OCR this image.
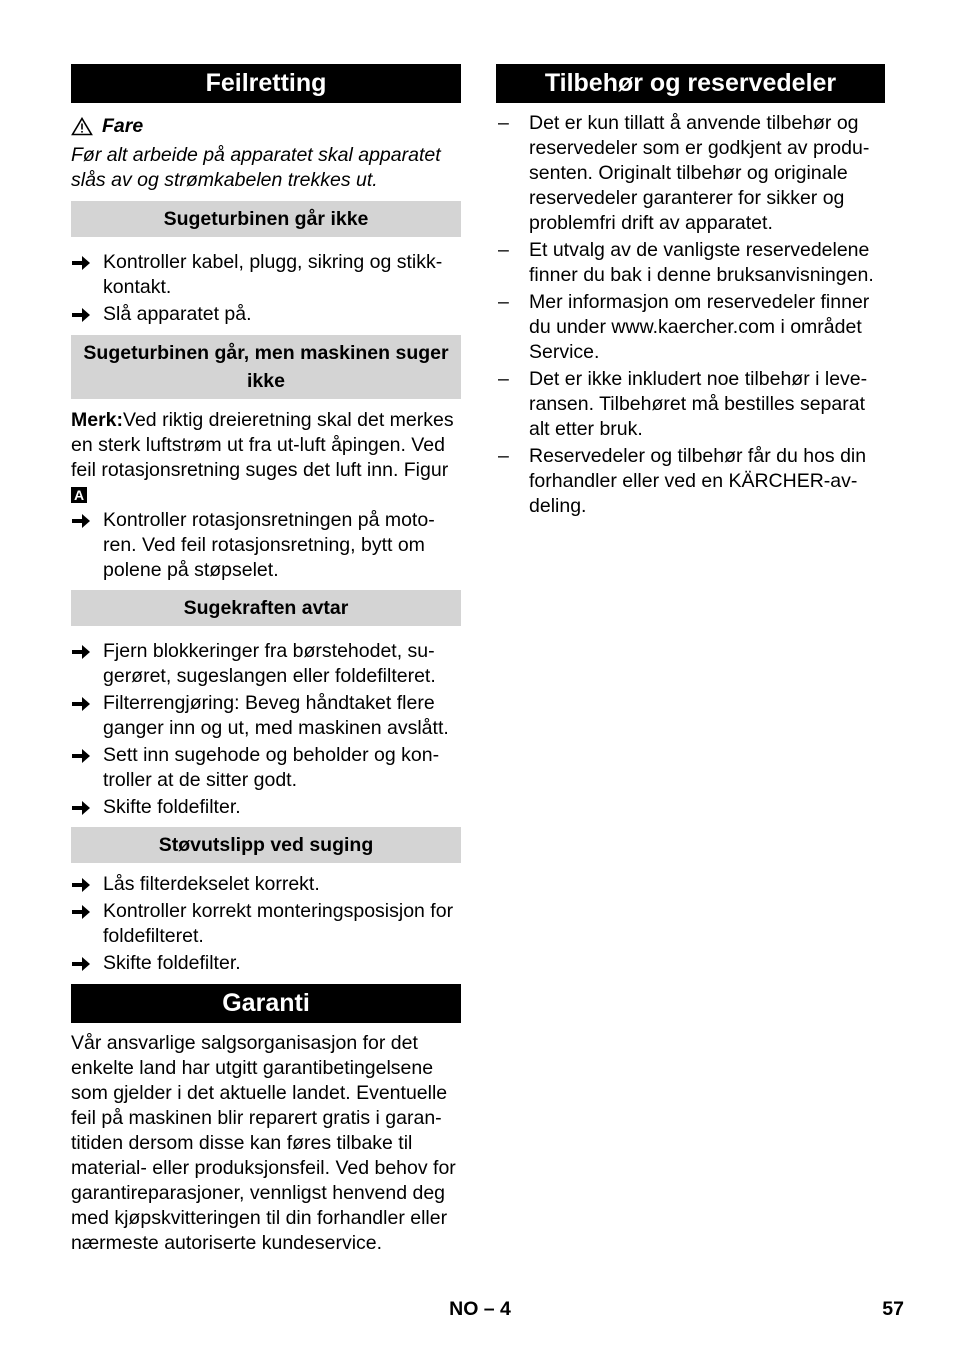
Feilretting
Fare

Før alt arbeide på apparatet skal apparatet slås av og strømkabelen trekkes ut.

Sugeturbinen går ikke
Kontroller kabel, plugg, sikring og stikkkontakt.
Slå apparatet på.
Sugeturbinen går, men maskinen suger ikke

Merk:Ved riktig dreieretning skal det merkes en sterk luftstrøm ut fra ut-luft åpingen. Ved feil rotasjonsretning suges det luft inn. Figur A

Kontroller rotasjonsretningen på motoren. Ved feil rotasjonsretning, bytt om polene på støpselet.
Sugekraften avtar
Fjern blokkeringer fra børstehodet, sugerøret, sugeslangen eller foldefilteret.
Filterrengjøring: Beveg håndtaket flere ganger inn og ut, med maskinen avslått.
Sett inn sugehode og beholder og kontroller at de sitter godt.
Skifte foldefilter.
Støvutslipp ved suging
Lås filterdekselet korrekt.
Kontroller korrekt monteringsposisjon for foldefilteret.
Skifte foldefilter.
Garanti

Vår ansvarlige salgsorganisasjon for det enkelte land har utgitt garantibetingelsene som gjelder i det aktuelle landet. Eventuelle feil på maskinen blir reparert gratis i garantitiden dersom disse kan føres tilbake til material- eller produksjonsfeil. Ved behov for garantireparasjoner, vennligst henvend deg med kjøpskvitteringen til din forhandler eller nærmeste autoriserte kundeservice.

Tilbehør og reservedeler
– Det er kun tillatt å anvende tilbehør og reservedeler som er godkjent av produsenten. Originalt tilbehør og originale reservedeler garanterer for sikker og problemfri drift av apparatet.
– Et utvalg av de vanligste reservedelene finner du bak i denne bruksanvisningen.
– Mer informasjon om reservedeler finner du under www.kaercher.com i området Service.
– Det er ikke inkludert noe tilbehør i leveransen. Tilbehøret må bestilles separat alt etter bruk.
– Reservedeler og tilbehør får du hos din forhandler eller ved en KÄRCHER-avdeling.
NO – 4	57
